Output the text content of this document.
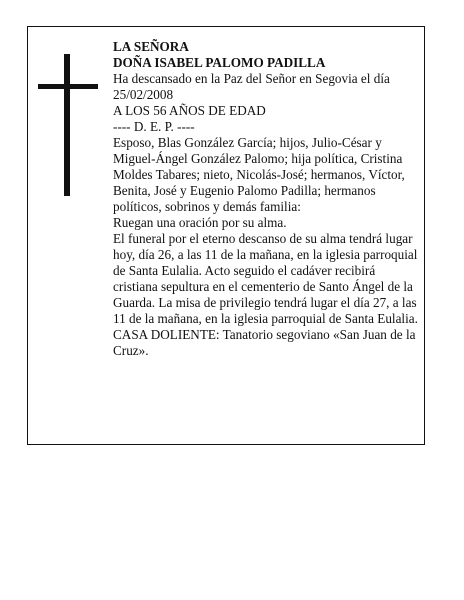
LA SEÑORA

DOÑA ISABEL PALOMO PADILLA

Ha descansado en la Paz del Señor en Segovia el día

25/02/2008

A LOS 56 AÑOS DE EDAD

---- D. E. P. ----

Esposo, Blas González García; hijos, Julio-César y Miguel-Ángel González Palomo; hija política, Cristina Moldes Tabares; nieto, Nicolás-José; hermanos, Víctor, Benita, José y Eugenio Palomo Padilla; hermanos políticos, sobrinos y demás familia:

Ruegan una oración por su alma.

El funeral por el eterno descanso de su alma tendrá lugar hoy, día 26, a las 11 de la mañana, en la iglesia parroquial de Santa Eulalia. Acto seguido el cadáver recibirá cristiana sepultura en el cementerio de Santo Ángel de la Guarda. La misa de privilegio tendrá lugar el día 27, a las 11 de la mañana, en la iglesia parroquial de Santa Eulalia.

CASA DOLIENTE: Tanatorio segoviano «San Juan de la Cruz».
